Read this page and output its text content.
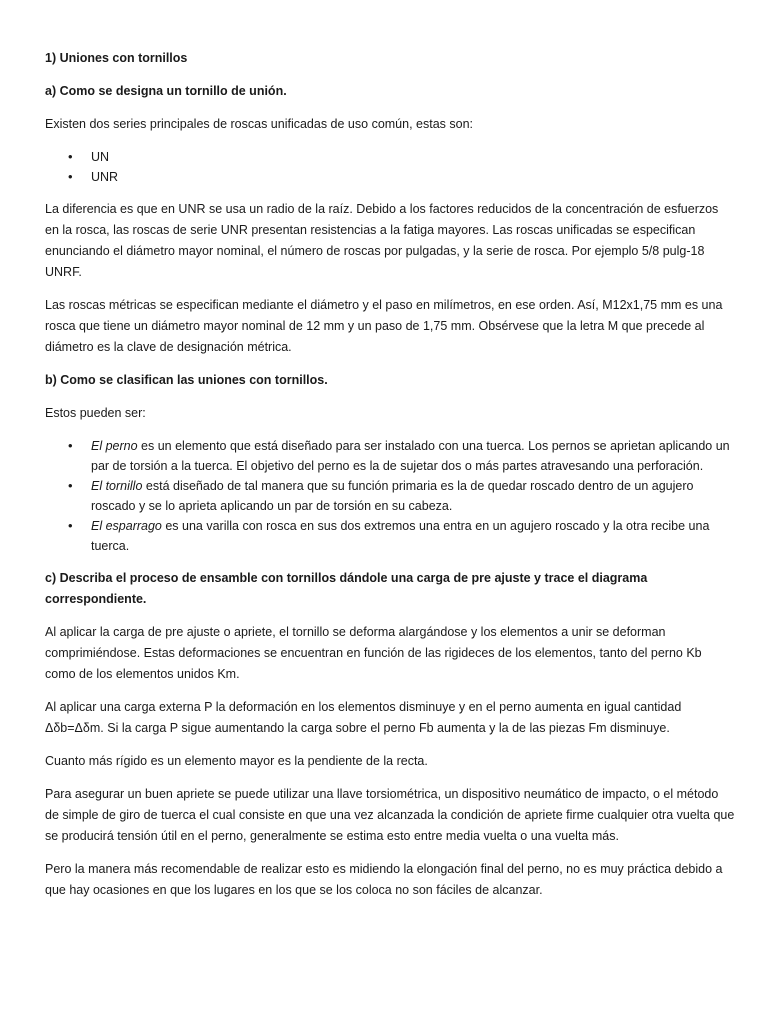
1) Uniones con tornillos

a) Como se designa un tornillo de unión.

Existen dos series principales de roscas unificadas de uso común, estas son:

• UN
• UNR

La diferencia es que en UNR se usa un radio de la raíz. Debido a los factores reducidos de la concentración de esfuerzos en la rosca, las roscas de serie UNR presentan resistencias a la fatiga mayores. Las roscas unificadas se especifican enunciando el diámetro mayor nominal, el número de roscas por pulgadas, y la serie de rosca. Por ejemplo 5/8 pulg-18 UNRF.

Las roscas métricas se especifican mediante el diámetro y el paso en milímetros, en ese orden. Así, M12x1,75 mm es una rosca que tiene un diámetro mayor nominal de 12 mm y un paso de 1,75 mm. Obsérvese que la letra M que precede al diámetro es la clave de designación métrica.

b) Como se clasifican las uniones con tornillos.

Estos pueden ser:

• El perno es un elemento que está diseñado para ser instalado con una tuerca. Los pernos se aprietan aplicando un par de torsión a la tuerca. El objetivo del perno es la de sujetar dos o más partes atravesando una perforación.
• El tornillo está diseñado de tal manera que su función primaria es la de quedar roscado dentro de un agujero roscado y se lo aprieta aplicando un par de torsión en su cabeza.
• El esparrago es una varilla con rosca en sus dos extremos una entra en un agujero roscado y la otra recibe una tuerca.

c) Describa el proceso de ensamble con tornillos dándole una carga de pre ajuste y trace el diagrama correspondiente.

Al aplicar la carga de pre ajuste o apriete, el tornillo se deforma alargándose y los elementos a unir se deforman comprimiéndose. Estas deformaciones se encuentran en función de las rigideces de los elementos, tanto del perno Kb como de los elementos unidos Km.

Al aplicar una carga externa P la deformación en los elementos disminuye y en el perno aumenta en igual cantidad Δδb=Δδm. Si la carga P sigue aumentando la carga sobre el perno Fb aumenta y la de las piezas Fm disminuye.

Cuanto más rígido es un elemento mayor es la pendiente de la recta.

Para asegurar un buen apriete se puede utilizar una llave torsiométrica, un dispositivo neumático de impacto, o el método de simple de giro de tuerca el cual consiste en que una vez alcanzada la condición de apriete firme cualquier otra vuelta que se producirá tensión útil en el perno, generalmente se estima esto entre media vuelta o una vuelta más.

Pero la manera más recomendable de realizar esto es midiendo la elongación final del perno, no es muy práctica debido a que hay ocasiones en que los lugares en los que se los coloca no son fáciles de alcanzar.
